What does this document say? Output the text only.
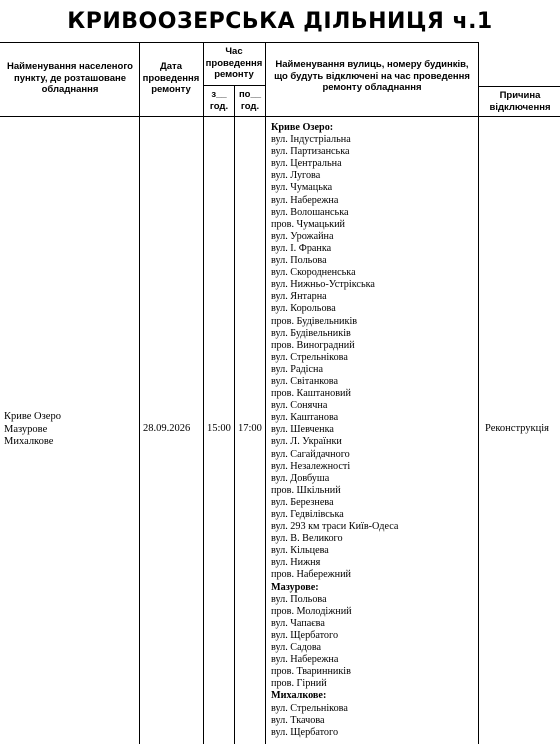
КРИВООЗЕРСЬКА ДІЛЬНИЦЯ ч.1
Найменування населеного пункту, де розташоване обладнання
Дата проведення ремонту
Час проведення ремонту
з__ год.
по__ год.
Найменування вулиць, номеру будинків, що будуть відключені на час проведення ремонту обладнання
Причина відключення
Криве Озеро
Мазурове
Михалкове
28.09.2026 15:00 17:00	Реконструкція
Криве Озеро:
вул. Індустріальна
вул. Партизанська
вул. Центральна
вул. Лугова
вул. Чумацька
вул. Набережна
вул. Волошанська
пров. Чумацький
вул. Урожайна
вул. І. Франка
вул. Польова
вул. Скородненська
вул. Нижньо-Устрікська
вул. Янтарна
вул. Корольова
пров. Будівельників
вул. Будівельників
пров. Виноградний
вул. Стрельнікова
вул. Радісна
вул. Світанкова
пров. Каштановий
вул. Сонячна
вул. Каштанова
вул. Шевченка
вул. Л. Українки
вул. Сагайдачного
вул. Незалежності
вул. Довбуша
пров. Шкільний
вул. Березнева
вул. Гедвілівська
вул. 293 км траси Київ-Одеса
вул. В. Великого
вул. Кільцева
вул. Нижня
пров. Набережний
Мазурове:
вул. Польова
пров. Молодіжний
вул. Чапаєва
вул. Щербатого
вул. Садова
вул. Набережна
пров. Тваринників
пров. Гірний
Михалкове:
вул. Стрельнікова
вул. Ткачова
вул. Щербатого
